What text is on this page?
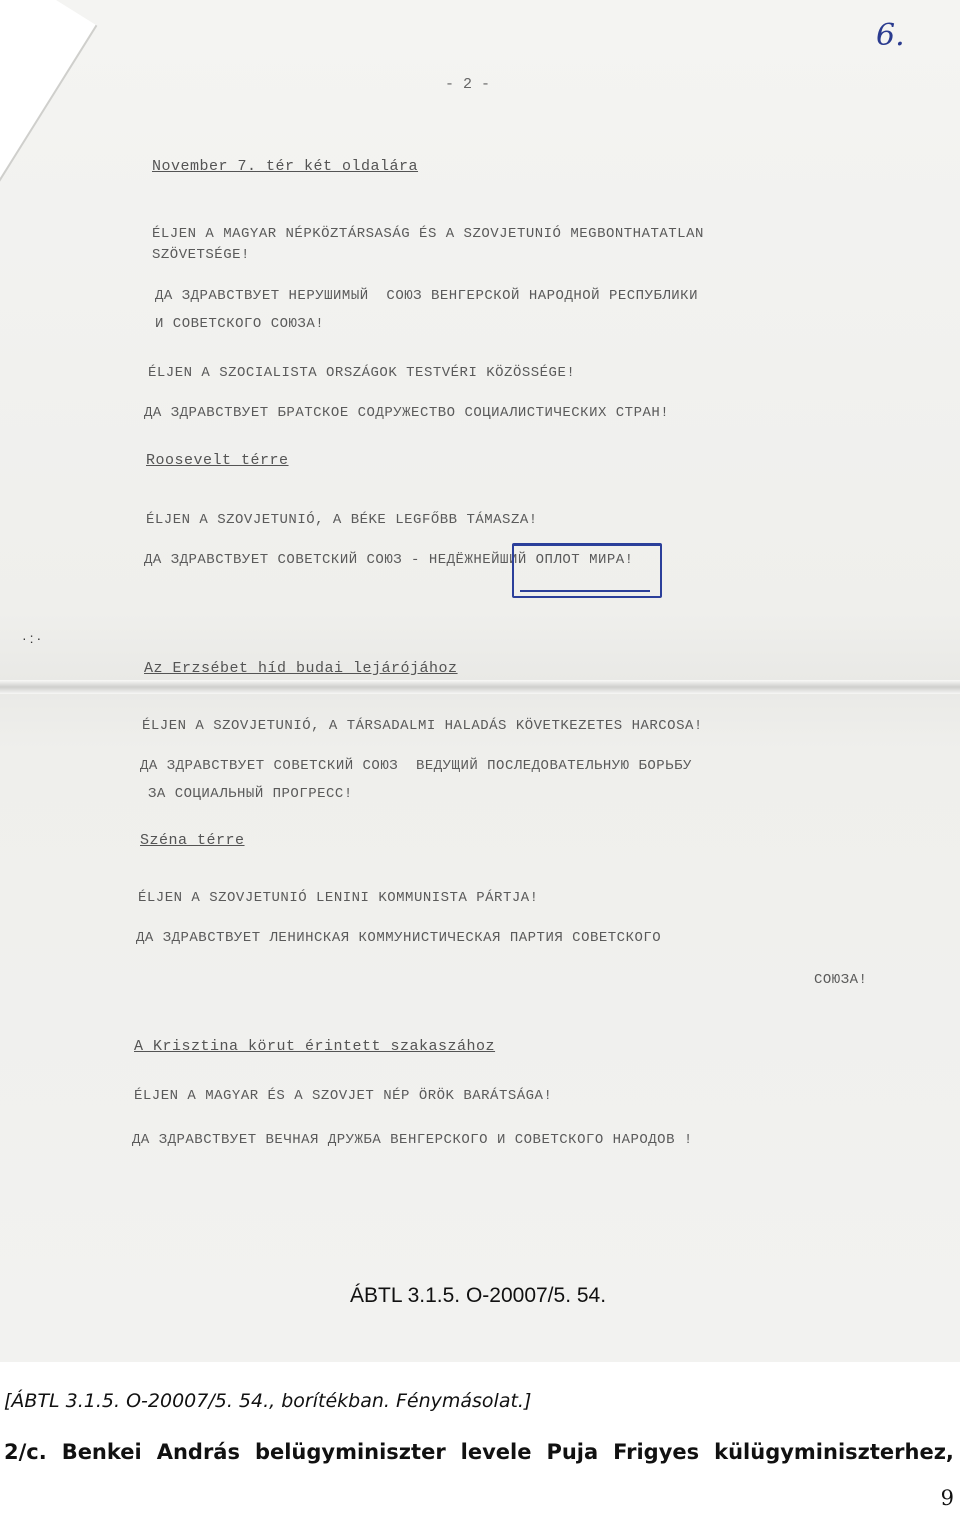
6.
- 2 -
November 7. tér két oldalára
ÉLJEN A MAGYAR NÉPKÖZTÁRSASÁG ÉS A SZOVJETUNIÓ MEGBONTHATATLAN
SZÖVETSÉGE!
ДА ЗДРАВСТВУЕТ НЕРУШИМЫЙ  СОЮЗ ВЕНГЕРСКОЙ НАРОДНОЙ РЕСПУБЛИКИ
И СОВЕТСКОГО СОЮЗА!
ÉLJEN A SZOCIALISTA ORSZÁGOK TESTVÉRI KÖZÖSSÉGE!
ДА ЗДРАВСТВУЕТ БРАТСКОЕ СОДРУЖЕСТВО СОЦИАЛИСТИЧЕСКИХ СТРАН!
Roosevelt térre
ÉLJEN A SZOVJETUNIÓ, A BÉKE LEGFŐBB TÁMASZA!
ДА ЗДРАВСТВУЕТ СОВЕТСКИЙ СОЮЗ - НЕДЁЖНЕЙШИЙ ОПЛОТ МИРА!
·:·
Az Erzsébet híd budai lejárójához
ÉLJEN A SZOVJETUNIÓ, A TÁRSADALMI HALADÁS KÖVETKEZETES HARCOSA!
ДА ЗДРАВСТВУЕТ СОВЕТСКИЙ СОЮЗ  ВЕДУЩИЙ ПОСЛЕДОВАТЕЛЬНУЮ БОРЬБУ
ЗА СОЦИАЛЬНЫЙ ПРОГРЕСС!
Széna térre
ÉLJEN A SZOVJETUNIÓ LENINI KOMMUNISTA PÁRTJA!
ДА ЗДРАВСТВУЕТ ЛЕНИНСКАЯ КОММУНИСТИЧЕСКАЯ ПАРТИЯ СОВЕТСКОГО
СОЮЗА!
A Krisztina körut érintett szakaszához
ÉLJEN A MAGYAR ÉS A SZOVJET NÉP ÖRÖK BARÁTSÁGA!
ДА ЗДРАВСТВУЕТ ВЕЧНАЯ ДРУЖБА ВЕНГЕРСКОГО И СОВЕТСКОГО НАРОДОВ !
ÁBTL 3.1.5. O-20007/5. 54.
[ÁBTL 3.1.5. O-20007/5. 54., borítékban. Fénymásolat.]
2/c. Benkei András belügyminiszter levele Puja Frigyes külügyminiszterhez,
9
